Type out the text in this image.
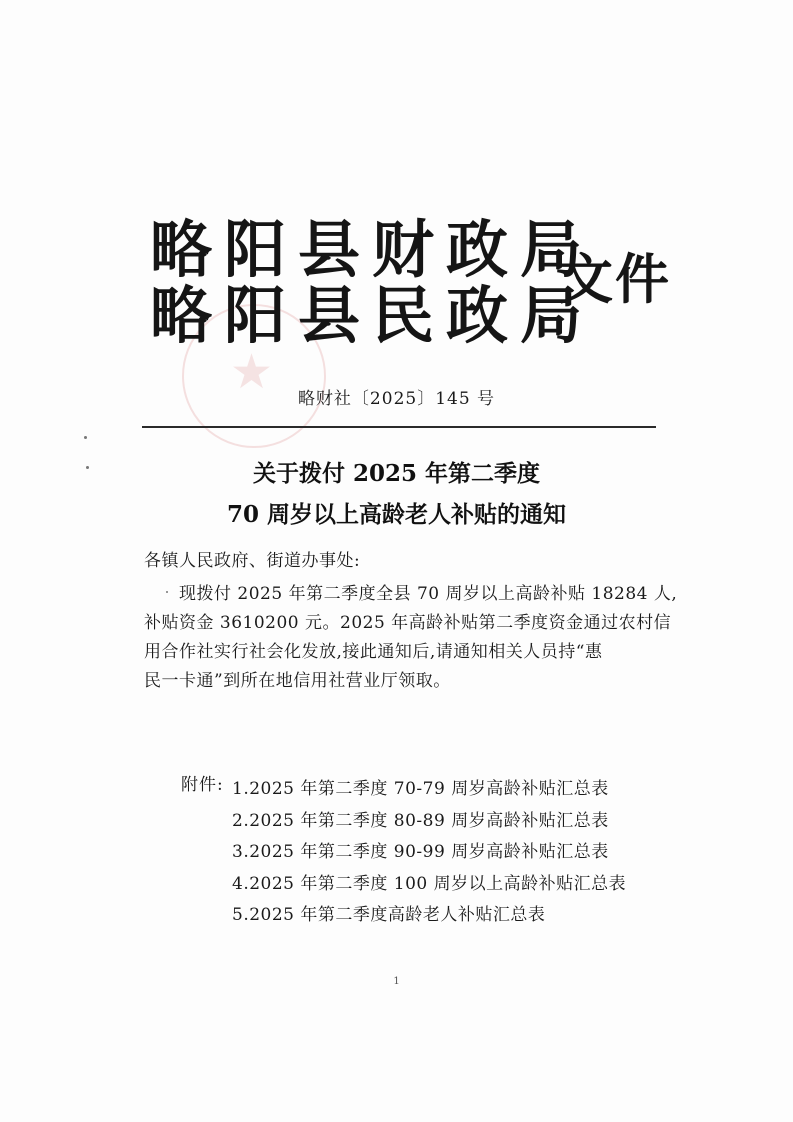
★
略阳县财政局
略阳县民政局
文件
略财社〔2025〕145 号
关于拨付 2025 年第二季度
70 周岁以上高龄老人补贴的通知
各镇人民政府、街道办事处:
现拨付 2025 年第二季度全县 70 周岁以上高龄补贴 18284 人,
补贴资金 3610200 元。2025 年高龄补贴第二季度资金通过农村信
用合作社实行社会化发放,接此通知后,请通知相关人员持“惠
民一卡通”到所在地信用社营业厅领取。
附件: 1.2025 年第二季度 70-79 周岁高龄补贴汇总表
2.2025 年第二季度 80-89 周岁高龄补贴汇总表
3.2025 年第二季度 90-99 周岁高龄补贴汇总表
4.2025 年第二季度 100 周岁以上高龄补贴汇总表
5.2025 年第二季度高龄老人补贴汇总表
1
